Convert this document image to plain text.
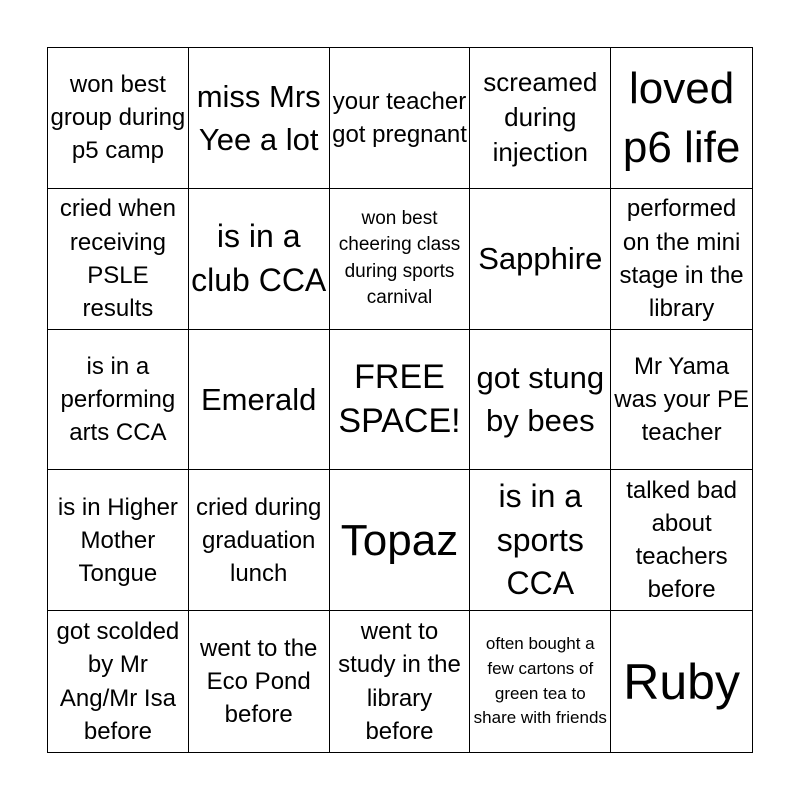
won best group during p5 camp
miss Mrs Yee a lot
your teacher got pregnant
screamed during injection
loved p6 life
cried when receiving PSLE results
is in a club CCA
won best cheering class during sports carnival
Sapphire
performed on the mini stage in the library
is in a performing arts CCA
Emerald
FREE SPACE!
got stung by bees
Mr Yama was your PE teacher
is in Higher Mother Tongue
cried during graduation lunch
Topaz
is in a sports CCA
talked bad about teachers before
got scolded by Mr Ang/Mr Isa before
went to the Eco Pond before
went to study in the library before
often bought a few cartons of green tea to share with friends
Ruby
